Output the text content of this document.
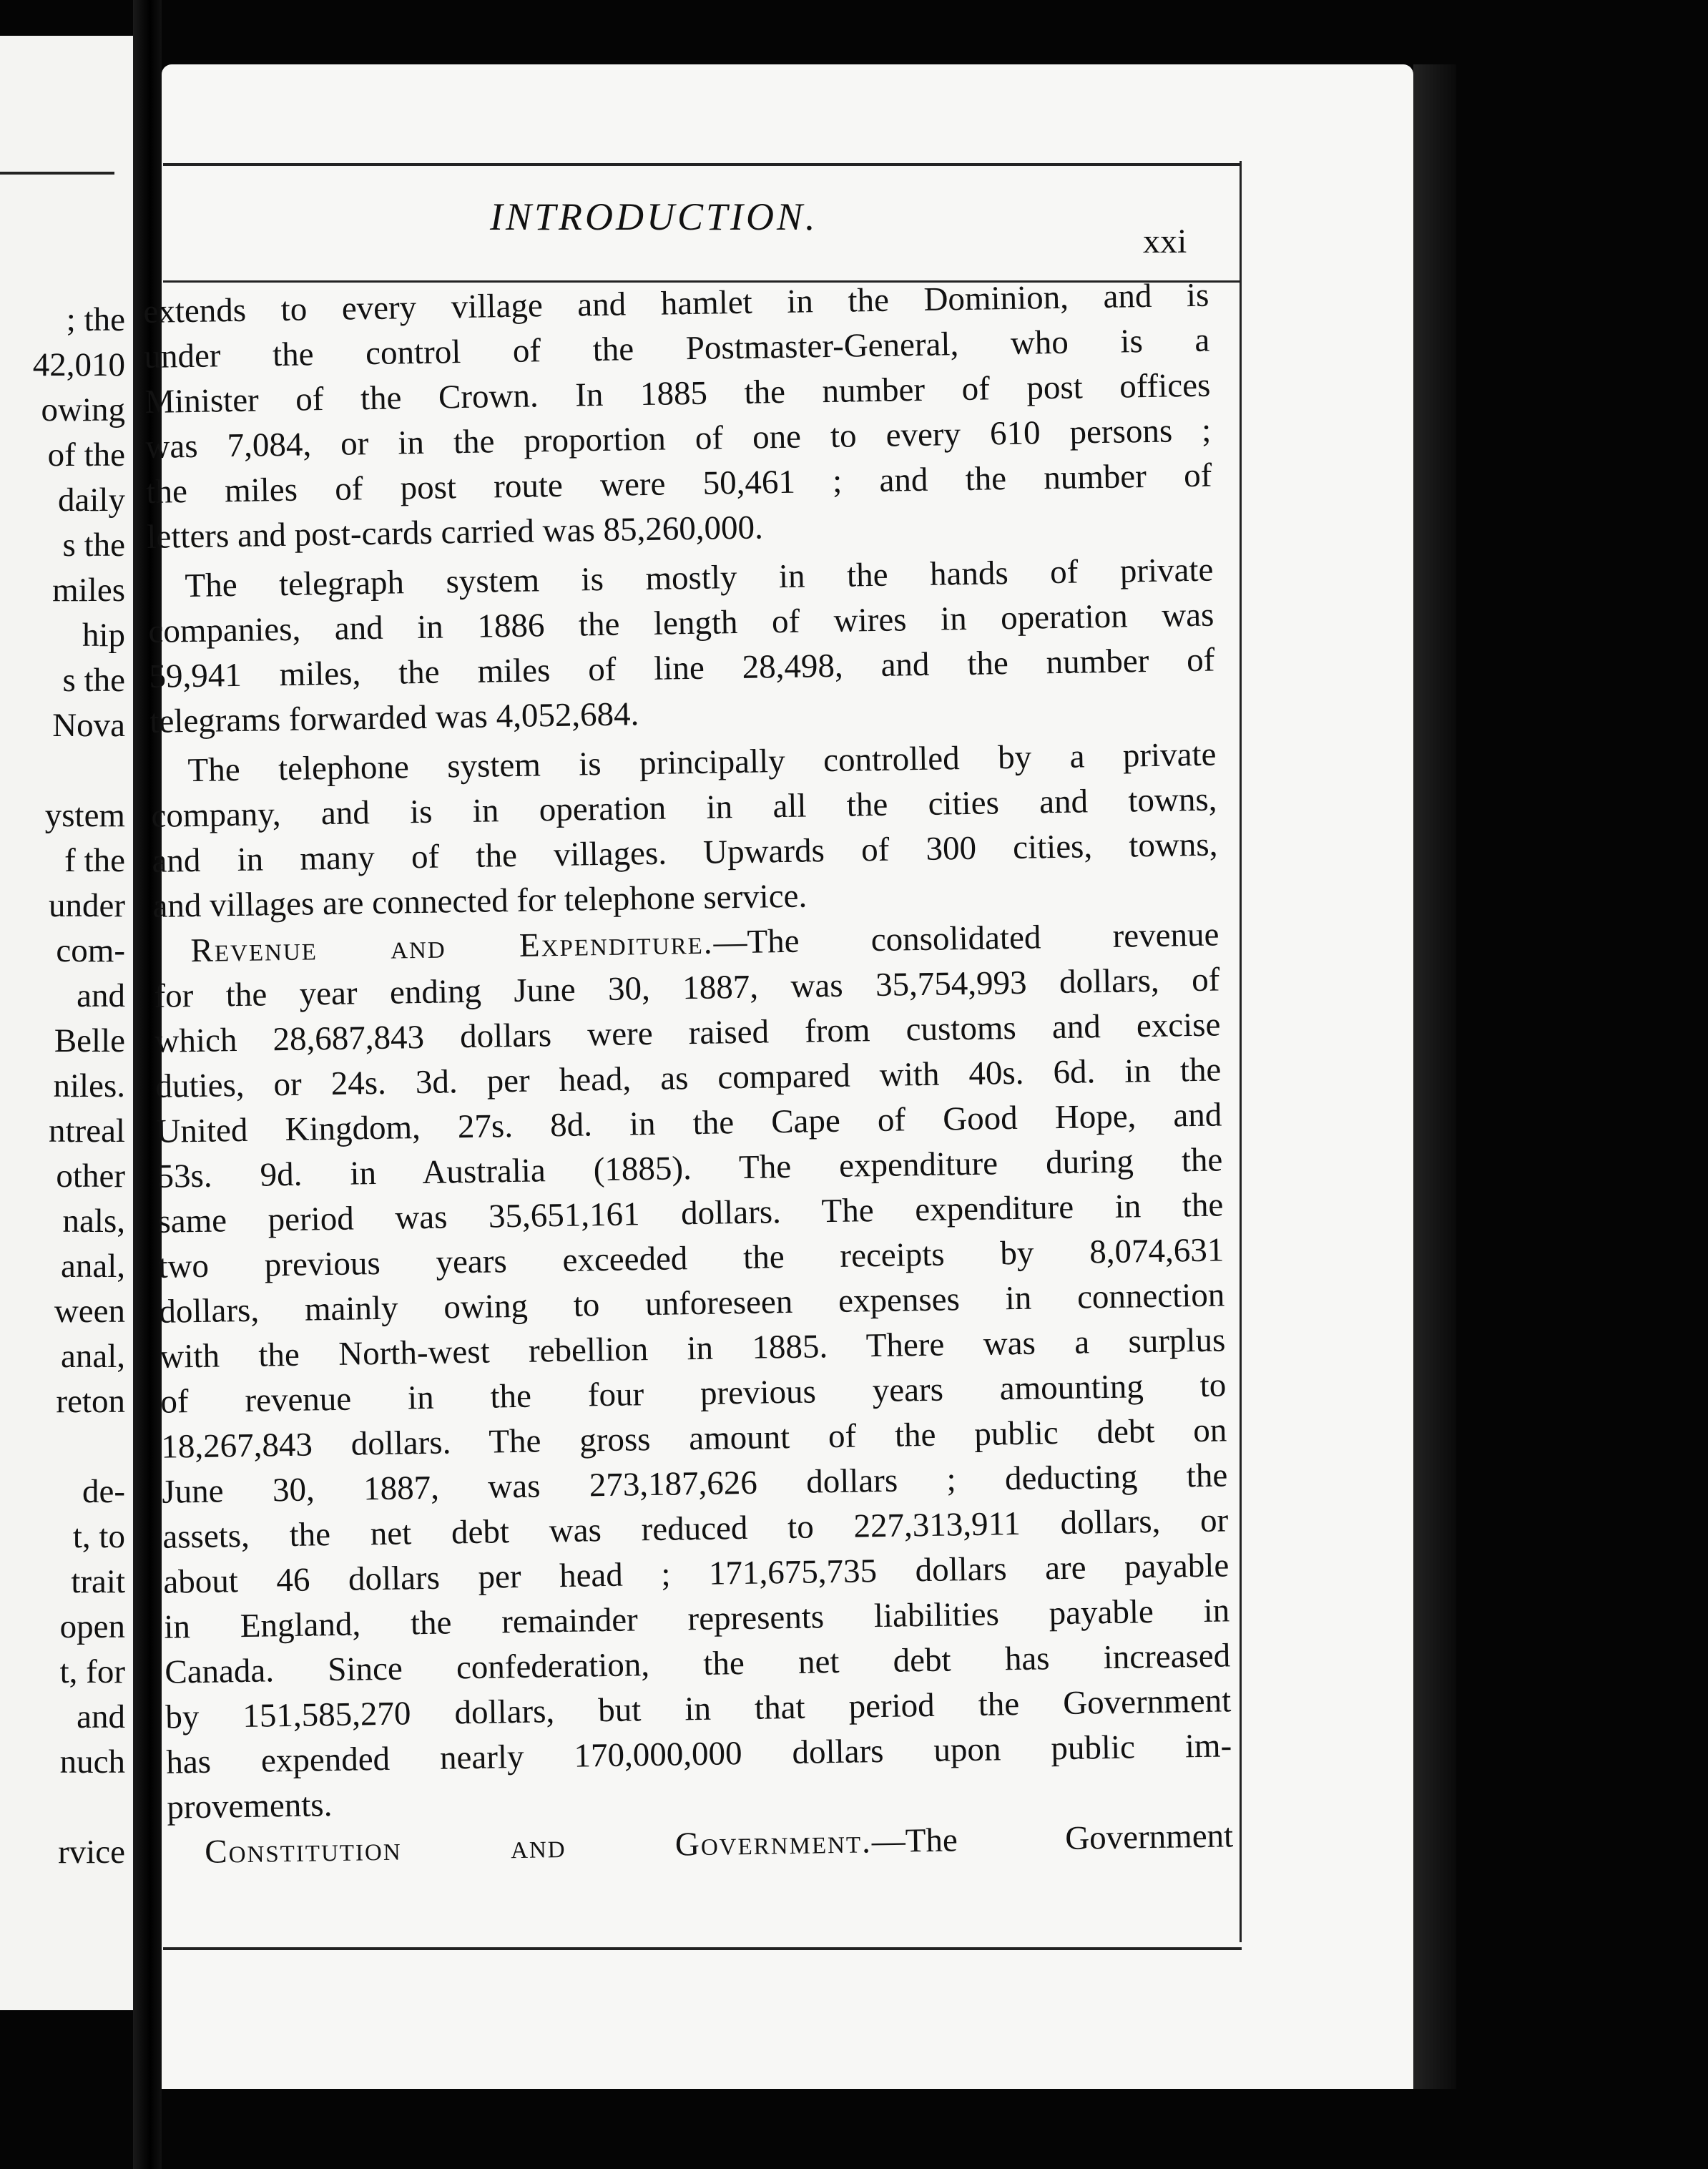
; the
42,010
owing
of the
daily
s the
miles
hip
s the
Nova
ystem
f the
under
com-
and
Belle
niles.
ntreal
other
nals,
anal,
ween
anal,
reton
de-
t, to
trait
open
t, for
and
nuch
rvice
INTRODUCTION.
xxi
extends to every village and hamlet in the Dominion, and is
under the control of the Postmaster-General, who is a
Minister of the Crown. In 1885 the number of post offices
was 7,084, or in the proportion of one to every 610 persons ;
the miles of post route were 50,461 ; and the number of
letters and post-cards carried was 85,260,000.
The telegraph system is mostly in the hands of private
companies, and in 1886 the length of wires in operation was
59,941 miles, the miles of line 28,498, and the number of
telegrams forwarded was 4,052,684.
The telephone system is principally controlled by a private
company, and is in operation in all the cities and towns,
and in many of the villages. Upwards of 300 cities, towns,
and villages are connected for telephone service.
Revenue and Expenditure.—The consolidated revenue
for the year ending June 30, 1887, was 35,754,993 dollars, of
which 28,687,843 dollars were raised from customs and excise
duties, or 24s. 3d. per head, as compared with 40s. 6d. in the
United Kingdom, 27s. 8d. in the Cape of Good Hope, and
53s. 9d. in Australia (1885). The expenditure during the
same period was 35,651,161 dollars. The expenditure in the
two previous years exceeded the receipts by 8,074,631
dollars, mainly owing to unforeseen expenses in connection
with the North-west rebellion in 1885. There was a surplus
of revenue in the four previous years amounting to
18,267,843 dollars. The gross amount of the public debt on
June 30, 1887, was 273,187,626 dollars ; deducting the
assets, the net debt was reduced to 227,313,911 dollars, or
about 46 dollars per head ; 171,675,735 dollars are payable
in England, the remainder represents liabilities payable in
Canada. Since confederation, the net debt has increased
by 151,585,270 dollars, but in that period the Government
has expended nearly 170,000,000 dollars upon public im-
provements.
Constitution and Government.—The Government
